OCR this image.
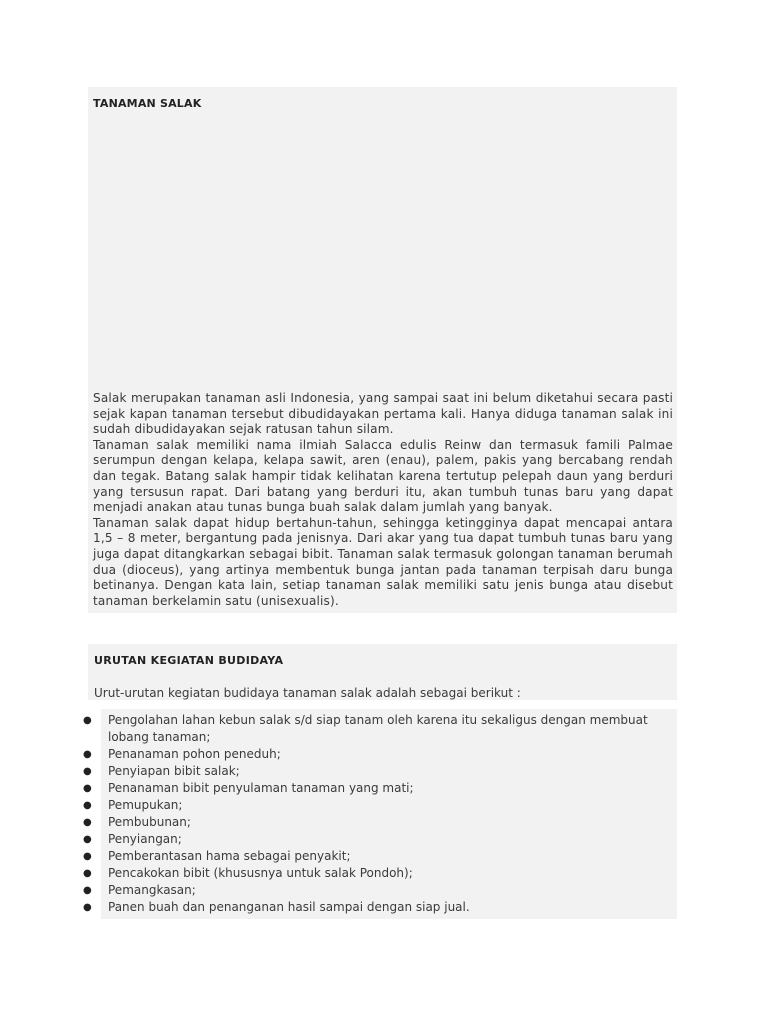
TANAMAN SALAK

Salak merupakan tanaman asli Indonesia, yang sampai saat ini belum diketahui secara pasti sejak kapan tanaman tersebut dibudidayakan pertama kali. Hanya diduga tanaman salak ini sudah dibudidayakan sejak ratusan tahun silam.

Tanaman salak memiliki nama ilmiah Salacca edulis Reinw dan termasuk famili Palmae serumpun dengan kelapa, kelapa sawit, aren (enau), palem, pakis yang bercabang rendah dan tegak. Batang salak hampir tidak kelihatan karena tertutup pelepah daun yang berduri yang tersusun rapat. Dari batang yang berduri itu, akan tumbuh tunas baru yang dapat menjadi anakan atau tunas bunga buah salak dalam jumlah yang banyak.

Tanaman salak dapat hidup bertahun-tahun, sehingga ketingginya dapat mencapai antara 1,5 – 8 meter, bergantung pada jenisnya. Dari akar yang tua dapat tumbuh tunas baru yang juga dapat ditangkarkan sebagai bibit. Tanaman salak termasuk golongan tanaman berumah dua (dioceus), yang artinya membentuk bunga jantan pada tanaman terpisah daru bunga betinanya. Dengan kata lain, setiap tanaman salak memiliki satu jenis bunga atau disebut tanaman berkelamin satu (unisexualis).

URUTAN KEGIATAN BUDIDAYA

Urut-urutan kegiatan budidaya tanaman salak adalah sebagai berikut :

● Pengolahan lahan kebun salak s/d siap tanam oleh karena itu sekaligus dengan membuat lobang tanaman;
● Penanaman pohon peneduh;
● Penyiapan bibit salak;
● Penanaman bibit penyulaman tanaman yang mati;
● Pemupukan;
● Pembubunan;
● Penyiangan;
● Pemberantasan hama sebagai penyakit;
● Pencakokan bibit (khususnya untuk salak Pondoh);
● Pemangkasan;
● Panen buah dan penanganan hasil sampai dengan siap jual.
